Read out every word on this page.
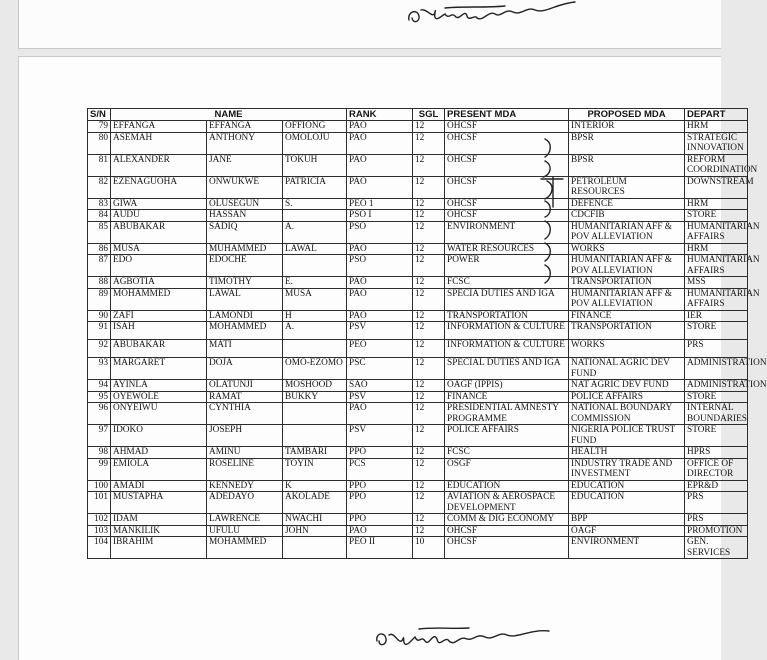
S/N	NAME			RANK	SGL	PRESENT MDA	PROPOSED MDA	DEPART
79	EFFANGA	EFFANGA	OFFIONG	PAO	12	OHCSF	INTERIOR	HRM
80	ASEMAH	ANTHONY	OMOLOJU	PAO	12	OHCSF	BPSR	STRATEGIC INNOVATION
81	ALEXANDER	JANE	TOKUH	PAO	12	OHCSF	BPSR	REFORM COORDINATION
82	EZENAGUOHA	ONWUKWE	PATRICIA	PAO	12	OHCSF	PETROLEUM RESOURCES	DOWNSTREAM
83	GIWA	OLUSEGUN	S.	PEO 1	12	OHCSF	DEFENCE	HRM
84	AUDU	HASSAN		PSO I	12	OHCSF	CDCFIB	STORE
85	ABUBAKAR	SADIQ	A.	PSO	12	ENVIRONMENT	HUMANITARIAN AFF & POV ALLEVIATION	HUMANITARIAN AFFAIRS
86	MUSA	MUHAMMED	LAWAL	PAO	12	WATER RESOURCES	WORKS	HRM
87	EDO	EDOCHE		PSO	12	POWER	HUMANITARIAN AFF & POV ALLEVIATION	HUMANITARIAN AFFAIRS
88	AGBOTIA	TIMOTHY	E.	PAO	12	FCSC	TRANSPORTATION	MSS
89	MOHAMMED	LAWAL	MUSA	PAO	12	SPECIA DUTIES AND IGA	HUMANITARIAN AFF & POV ALLEVIATION	HUMANITARIAN AFFAIRS
90	ZAFI	LAMONDI	H	PAO	12	TRANSPORTATION	FINANCE	IER
91	ISAH	MOHAMMED	A.	PSV	12	INFORMATION & CULTURE	TRANSPORTATION	STORE
92	ABUBAKAR	MATI		PEO	12	INFORMATION & CULTURE	WORKS	PRS
93	MARGARET	DOJA	OMO-EZOMO	PSC	12	SPECIAL DUTIES AND IGA	NATIONAL AGRIC DEV FUND	ADMINISTRATION
94	AYINLA	OLATUNJI	MOSHOOD	SAO	12	OAGF (IPPIS)	NAT AGRIC DEV FUND	ADMINISTRATION
95	OYEWOLE	RAMAT	BUKKY	PSV	12	FINANCE	POLICE AFFAIRS	STORE
96	ONYEIWU	CYNTHIA		PAO	12	PRESIDENTIAL AMNESTY PROGRAMME	NATIONAL BOUNDARY COMMISSION	INTERNAL BOUNDARIES
97	IDOKO	JOSEPH		PSV	12	POLICE AFFAIRS	NIGERIA POLICE TRUST FUND	STORE
98	AHMAD	AMINU	TAMBARI	PPO	12	FCSC	HEALTH	HPRS
99	EMIOLA	ROSELINE	TOYIN	PCS	12	OSGF	INDUSTRY TRADE AND INVESTMENT	OFFICE OF DIRECTOR
100	AMADI	KENNEDY	K	PPO	12	EDUCATION	EDUCATION	EPR&D
101	MUSTAPHA	ADEDAYO	AKOLADE	PPO	12	AVIATION & AEROSPACE DEVELOPMENT	EDUCATION	PRS
102	IDAM	LAWRENCE	NWACHI	PPO	12	COMM & DIG ECONOMY	BPP	PRS
103	MANKILIK	UFULU	JOHN	PAO	12	OHCSF	OAGF	PROMOTION
104	IBRAHIM	MOHAMMED		PEO II	10	OHCSF	ENVIRONMENT	GEN. SERVICES
